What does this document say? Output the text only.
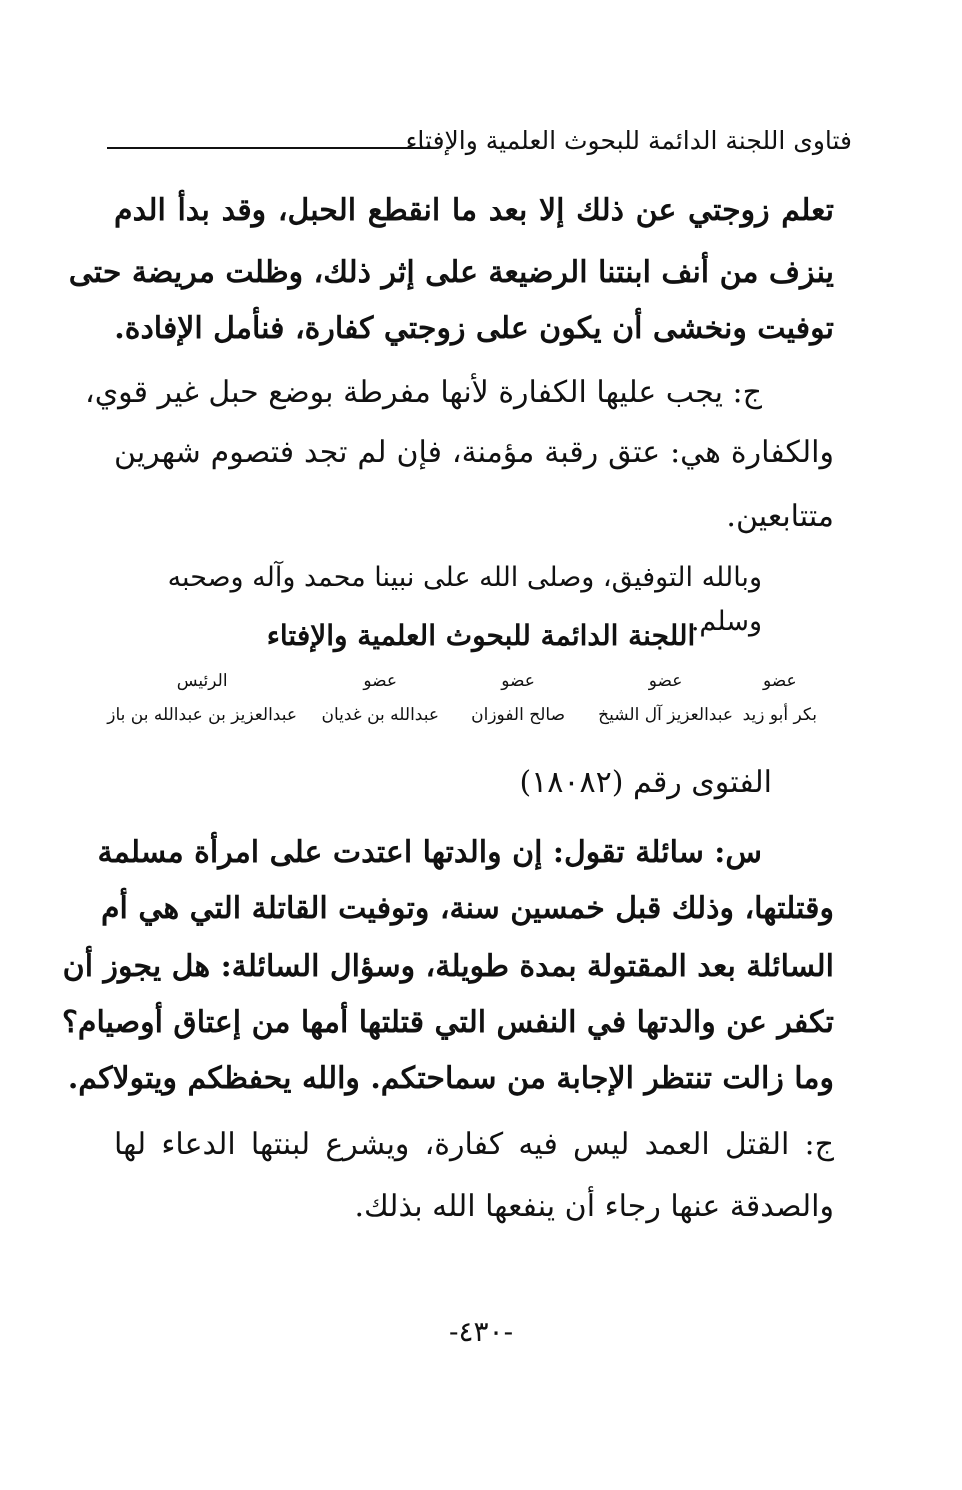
فتاوى اللجنة الدائمة للبحوث العلمية والإفتاء
تعلم زوجتي عن ذلك إلا بعد ما انقطع الحبل، وقد بدأ الدم
ينزف من أنف ابنتنا الرضيعة على إثر ذلك، وظلت مريضة حتى
توفيت ونخشى أن يكون على زوجتي كفارة، فنأمل الإفادة.
ج: يجب عليها الكفارة لأنها مفرطة بوضع حبل غير قوي،
والكفارة هي: عتق رقبة مؤمنة، فإن لم تجد فتصوم شهرين
متتابعين.
وبالله التوفيق، وصلى الله على نبينا محمد وآله وصحبه وسلم.
اللجنة الدائمة للبحوث العلمية والإفتاء
عضو
بكر أبو زيد
عضو
عبدالعزيز آل الشيخ
عضو
صالح الفوزان
عضو
عبدالله بن غديان
الرئيس
عبدالعزيز بن عبدالله بن باز
الفتوى رقم (١٨٠٨٢)
س: سائلة تقول: إن والدتها اعتدت على امرأة مسلمة
وقتلتها، وذلك قبل خمسين سنة، وتوفيت القاتلة التي هي أم
السائلة بعد المقتولة بمدة طويلة، وسؤال السائلة: هل يجوز أن
تكفر عن والدتها في النفس التي قتلتها أمها من إعتاق أوصيام؟
وما زالت تنتظر الإجابة من سماحتكم. والله يحفظكم ويتولاكم.
ج: القتل العمد ليس فيه كفارة، ويشرع لبنتها الدعاء لها
والصدقة عنها رجاء أن ينفعها الله بذلك.
-٤٣٠-
